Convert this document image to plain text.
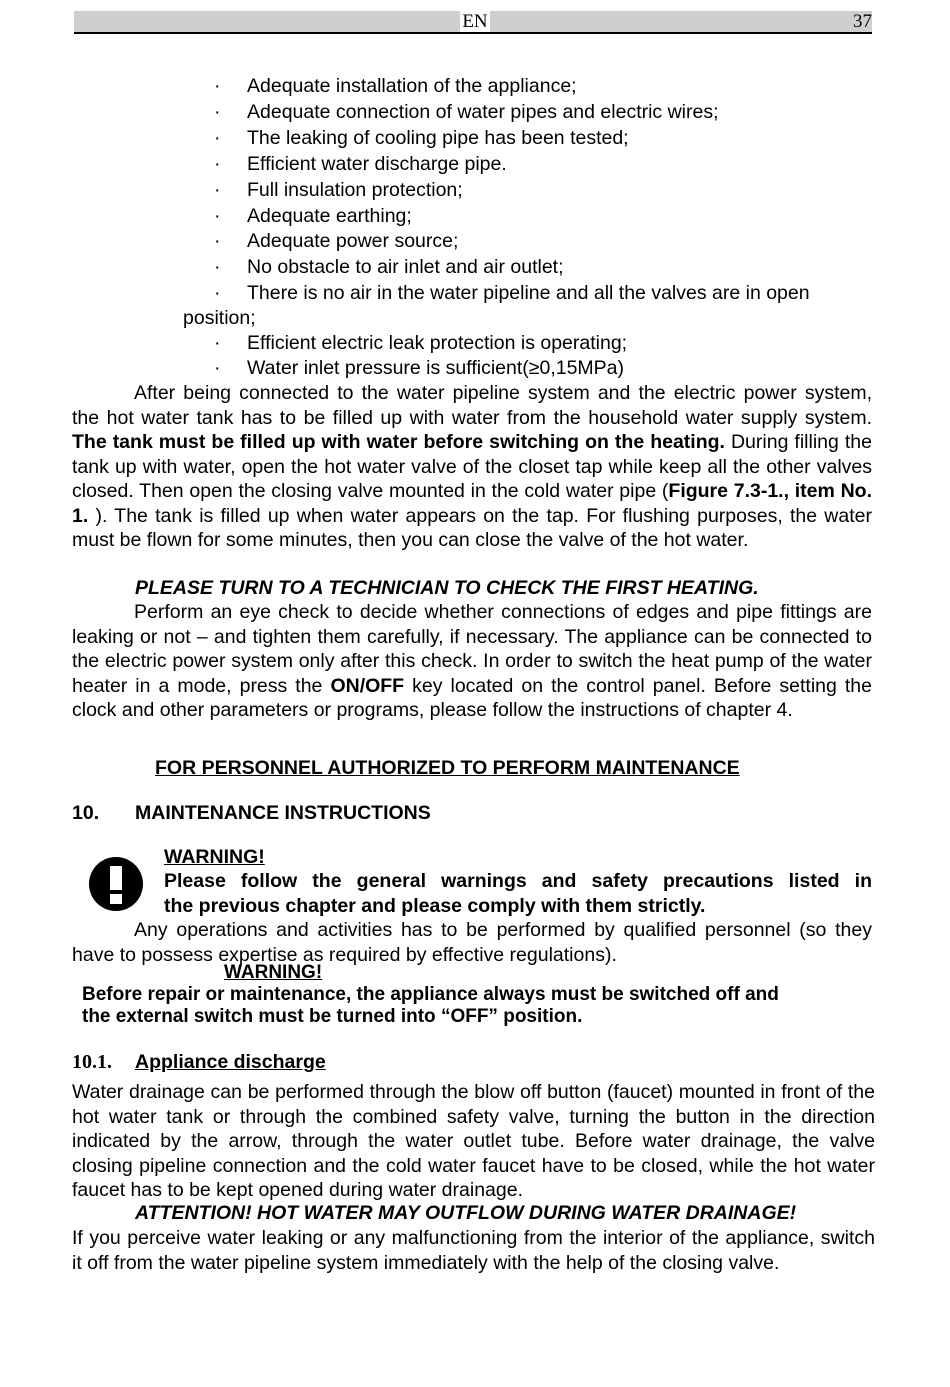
EN	37
· Adequate installation of the appliance;
· Adequate connection of water pipes and electric wires;
· The leaking of cooling pipe has been tested;
· Efficient water discharge pipe.
· Full insulation protection;
· Adequate earthing;
· Adequate power source;
· No obstacle to air inlet and air outlet;
· There is no air in the water pipeline and all the valves are in open
position;
· Efficient electric leak protection is operating;
· Water inlet pressure is sufficient(≥0,15MPa)
After being connected to the water pipeline system and the electric power system, the hot water tank has to be filled up with water from the household water supply system. The tank must be filled up with water before switching on the heating. During filling the tank up with water, open the hot water valve of the closet tap while keep all the other valves closed. Then open the closing valve mounted in the cold water pipe (Figure 7.3-1., item No. 1. ). The tank is filled up when water appears on the tap. For flushing purposes, the water must be flown for some minutes, then you can close the valve of the hot water.
PLEASE TURN TO A TECHNICIAN TO CHECK THE FIRST HEATING.
Perform an eye check to decide whether connections of edges and pipe fittings are leaking or not – and tighten them carefully, if necessary. The appliance can be connected to the electric power system only after this check. In order to switch the heat pump of the water heater in a mode, press the ON/OFF key located on the control panel. Before setting the clock and other parameters or programs, please follow the instructions of chapter 4.
FOR PERSONNEL AUTHORIZED TO PERFORM MAINTENANCE
10. MAINTENANCE INSTRUCTIONS
WARNING!
Please follow the general warnings and safety precautions listed in
the previous chapter and please comply with them strictly.
Any operations and activities has to be performed by qualified personnel (so they have to possess expertise as required by effective regulations).
WARNING!
Before repair or maintenance, the appliance always must be switched off and
the external switch must be turned into “OFF” position.
10.1. Appliance discharge
Water drainage can be performed through the blow off button (faucet) mounted in front of the hot water tank or through the combined safety valve, turning the button in the direction indicated by the arrow, through the water outlet tube. Before water drainage, the valve closing pipeline connection and the cold water faucet have to be closed, while the hot water faucet has to be kept opened during water drainage.
ATTENTION! HOT WATER MAY OUTFLOW DURING WATER DRAINAGE!
If you perceive water leaking or any malfunctioning from the interior of the appliance, switch it off from the water pipeline system immediately with the help of the closing valve.
